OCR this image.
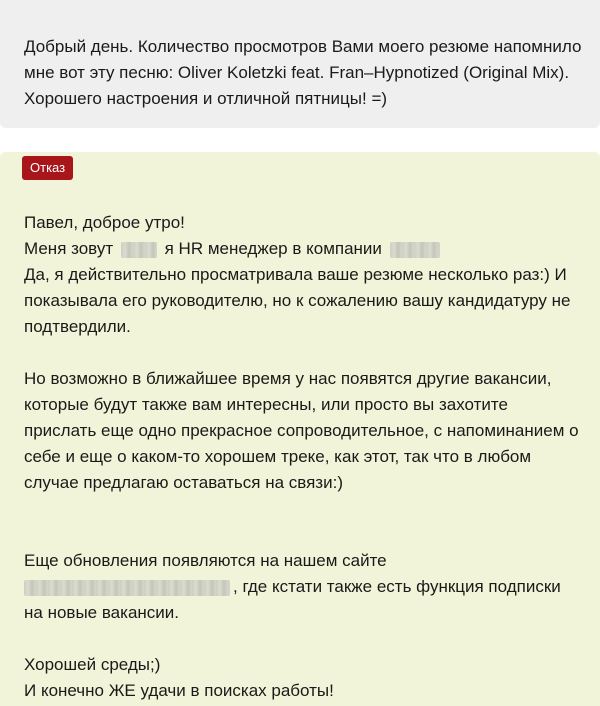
Добрый день. Количество просмотров Вами моего резюме напомнило
мне вот эту песню: Oliver Koletzki feat. Fran–Hypnotized (Original Mix).
Хорошего настроения и отличной пятницы! =)
Отказ
Павел, доброе утро!
Меня зовут	я HR менеджер в компании
Да, я действительно просматривала ваше резюме несколько раз:) И
показывала его руководителю, но к сожалению вашу кандидатуру не
подтвердили.
Но возможно в ближайшее время у нас появятся другие вакансии,
которые будут также вам интересны, или просто вы захотите
прислать еще одно прекрасное сопроводительное, с напоминанием о
себе и еще о каком-то хорошем треке, как этот, так что в любом
случае предлагаю оставаться на связи:)
Еще обновления появляются на нашем сайте
, где кстати также есть функция подписки
на новые вакансии.
Хорошей среды;)
И конечно ЖЕ удачи в поисках работы!
